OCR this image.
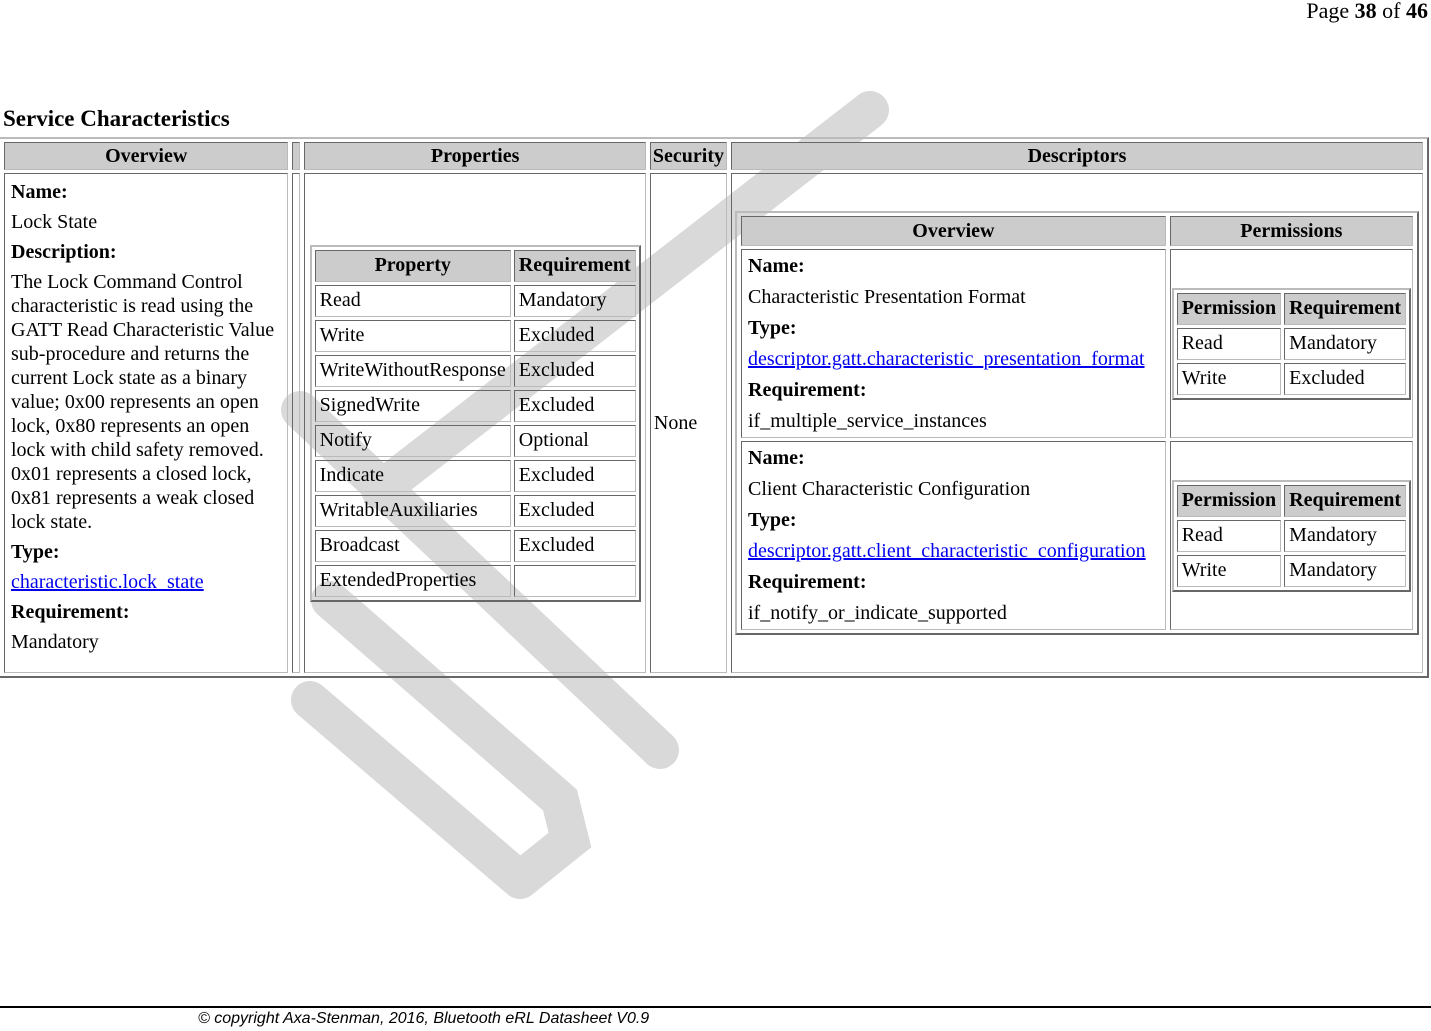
Page 38 of 46
Service Characteristics
Overview		Properties	Security	Descriptors

Name:
Lock State
Description:
The Lock Command Control characteristic is read using the GATT Read Characteristic Value sub-procedure and returns the current Lock state as a binary value; 0x00 represents an open lock, 0x80 represents an open lock with child safety removed. 0x01 represents a closed lock, 0x81 represents a weak closed lock state.
Type:
characteristic.lock_state
Requirement:
Mandatory

Property	Requirement
Read	Mandatory
Write	Excluded
WriteWithoutResponse	Excluded
SignedWrite	Excluded
Notify	Optional
Indicate	Excluded
WritableAuxiliaries	Excluded
Broadcast	Excluded
ExtendedProperties	
	None	
Overview	Permissions

Name:
Characteristic Presentation Format
Type:
descriptor.gatt.characteristic_presentation_format
Requirement:
if_multiple_service_instances

Permission	Requirement
Read	Mandatory
Write	Excluded

Name:
Client Characteristic Configuration
Type:
descriptor.gatt.client_characteristic_configuration
Requirement:
if_notify_or_indicate_supported

Permission	Requirement
Read	Mandatory
Write	Mandatory
© copyright Axa-Stenman, 2016, Bluetooth eRL Datasheet V0.9
